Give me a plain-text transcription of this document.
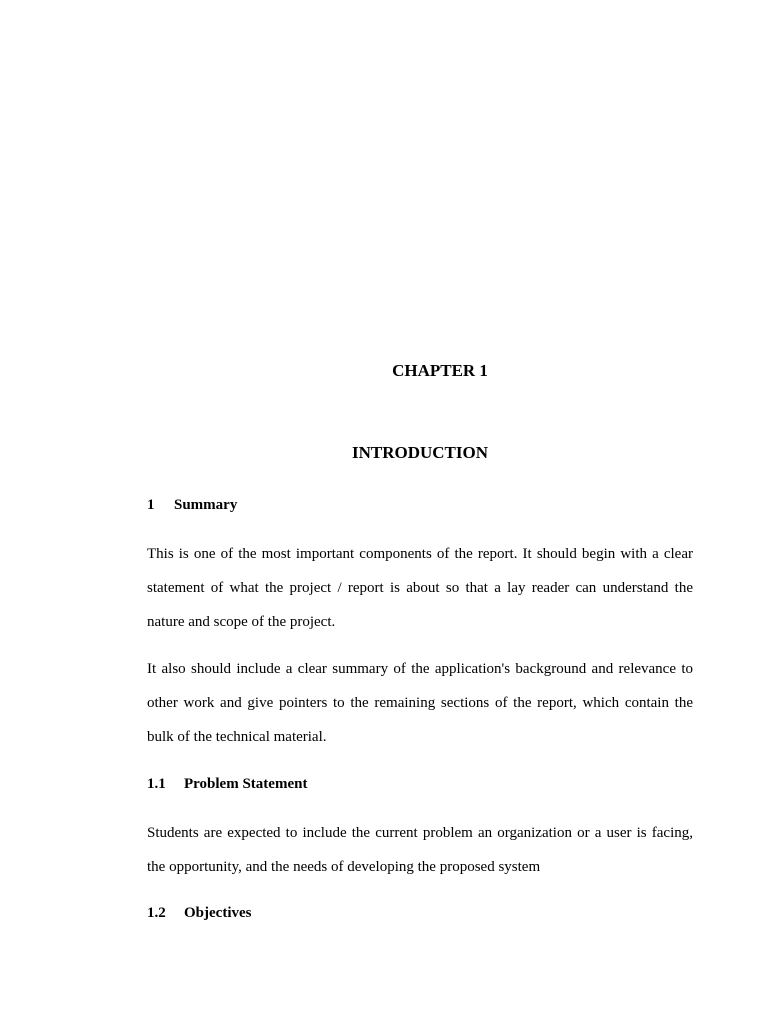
CHAPTER 1
INTRODUCTION
1 Summary
This is one of the most important components of the report. It should begin with a clear
statement of what the project / report is about so that a lay reader can understand the
nature and scope of the project.
It also should include a clear summary of the application's background and relevance to
other work and give pointers to the remaining sections of the report, which contain the
bulk of the technical material.
1.1 Problem Statement
Students are expected to include the current problem an organization or a user is facing,
the opportunity, and the needs of developing the proposed system
1.2 Objectives
